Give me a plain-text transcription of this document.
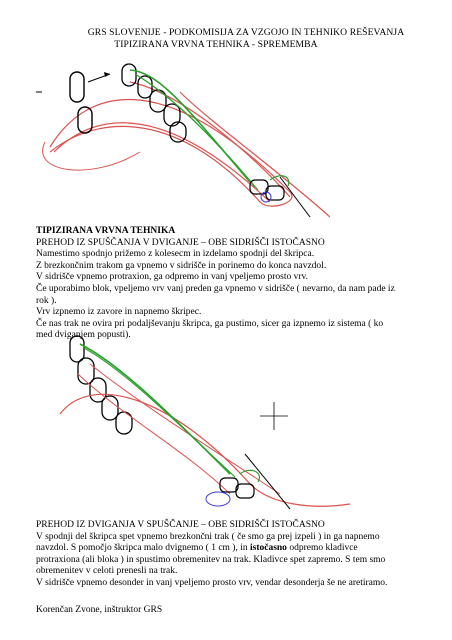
GRS SLOVENIJE - PODKOMISIJA ZA VZGOJO IN TEHNIKO REŠEVANJA
TIPIZIRANA VRVNA TEHNIKA - SPREMEMBA

TIPIZIRANA VRVNA TEHNIKA

PREHOD IZ SPUŠČANJA V DVIGANJE – OBE SIDRIŠČI ISTOČASNO

Namestimo spodnjo prižemo z kolesecm in izdelamo spodnji del škripca.

Z brezkončnim trakom ga vpnemo v sidrišče in porinemo do konca navzdol.

V sidrišče vpnemo protraxion, ga odpremo in vanj vpeljemo prosto vrv.

Če uporabimo blok, vpeljemo vrv vanj preden ga vpnemo v sidrišče ( nevarno, da nam pade iz

rok ).

Vrv izpnemo iz zavore in napnemo škripec.

Če nas trak ne ovira pri podaljševanju škripca, ga pustimo, sicer ga izpnemo iz sistema ( ko

med dviganjem popusti).

PREHOD IZ DVIGANJA V SPUŠČANJE – OBE SIDRIŠČI ISTOČASNO

V spodnji del škripca spet vpnemo brezkončni trak ( če smo ga prej izpeli ) in ga napnemo

navzdol. S pomočjo škripca malo dvignemo ( 1 cm ), in istočasno odpremo kladivce

protraxiona (ali bloka ) in spustimo obremenitev na trak. Kladivce spet zapremo. S tem smo

obremenitev v celoti prenesli na trak.

V sidrišče vpnemo desonder in vanj vpeljemo prosto vrv, vendar desonderja še ne aretiramo.

Korenčan Zvone, inštruktor GRS
